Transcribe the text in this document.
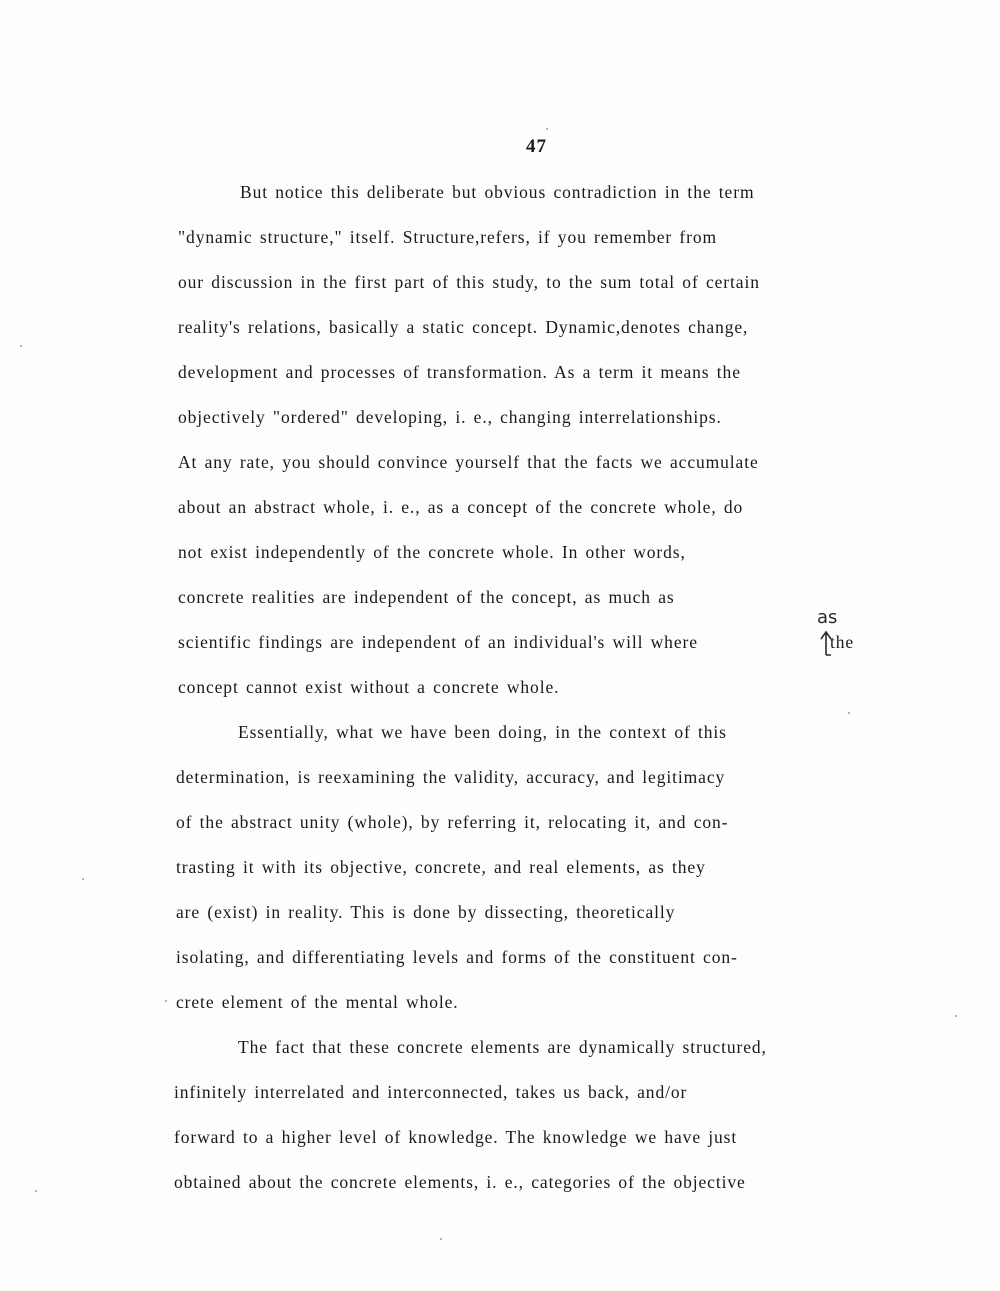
47
But notice this deliberate but obvious contradiction in the term
"dynamic structure," itself. Structure,refers, if you remember from
our discussion in the first part of this study, to the sum total of certain
reality's relations, basically a static concept. Dynamic,denotes change,
development and processes of transformation. As a term it means the
objectively "ordered" developing, i. e., changing interrelationships.
At any rate, you should convince yourself that the facts we accumulate
about an abstract whole, i. e., as a concept of the concrete whole, do
not exist independently of the concrete whole. In other words,
concrete realities are independent of the concept, as much as
as
scientific findings are independent of an individual's will where	the
concept cannot exist without a concrete whole.
Essentially, what we have been doing, in the context of this
determination, is reexamining the validity, accuracy, and legitimacy
of the abstract unity (whole), by referring it, relocating it, and con-
trasting it with its objective, concrete, and real elements, as they
are (exist) in reality. This is done by dissecting, theoretically
isolating, and differentiating levels and forms of the constituent con-
crete element of the mental whole.
The fact that these concrete elements are dynamically structured,
infinitely interrelated and interconnected, takes us back, and/or
forward to a higher level of knowledge. The knowledge we have just
obtained about the concrete elements, i. e., categories of the objective
